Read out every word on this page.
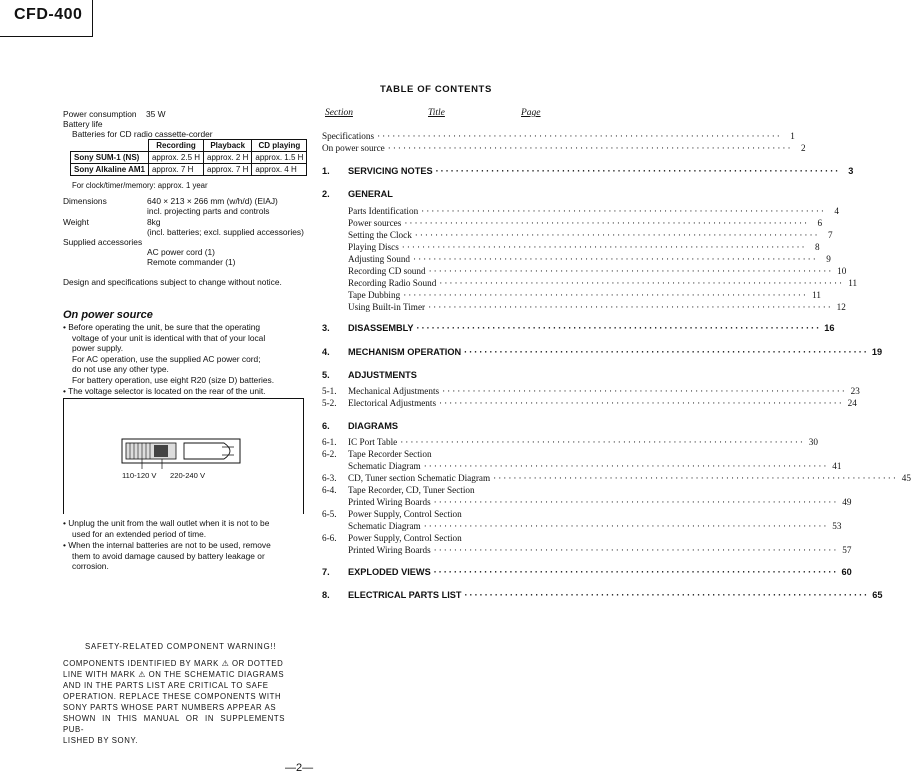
CFD-400
Power consumption 35 W
Battery life
Batteries for CD radio cassette-corder
	Recording	Playback	CD playing
Sony SUM-1 (NS)	approx. 2.5 H	approx. 2 H	approx. 1.5 H
Sony Alkaline AM1	approx. 7 H	approx. 7 H	approx. 4 H
For clock/timer/memory: approx. 1 year
Dimensions	640 × 213 × 266 mm (w/h/d) (EIAJ)
incl. projecting parts and controls
Weight	8kg
(incl. batteries; excl. supplied accessories)
Supplied accessories
AC power cord (1)
Remote commander (1)
Design and specifications subject to change without notice.
On power source
• Before operating the unit, be sure that the operating
voltage of your unit is identical with that of your local
power supply.
For AC operation, use the supplied AC power cord;
do not use any other type.
For battery operation, use eight R20 (size D) batteries.
• The voltage selector is located on the rear of the unit.
110-120 V 220-240 V
• Unplug the unit from the wall outlet when it is not to be
used for an extended period of time.
• When the internal batteries are not to be used, remove
them to avoid damage caused by battery leakage or
corrosion.
SAFETY-RELATED COMPONENT WARNING!!
COMPONENTS IDENTIFIED BY MARK ⚠ OR DOTTED
LINE WITH MARK ⚠ ON THE SCHEMATIC DIAGRAMS
AND IN THE PARTS LIST ARE CRITICAL TO SAFE
OPERATION. REPLACE THESE COMPONENTS WITH
SONY PARTS WHOSE PART NUMBERS APPEAR AS
SHOWN IN THIS MANUAL OR IN SUPPLEMENTS PUB-
LISHED BY SONY.
TABLE OF CONTENTS
Section	Title	Page
Specifications ················································································ 1
On power source ················································································ 2
1.	SERVICING NOTES ················································································ 3
2.	GENERAL
Parts Identification ················································································ 4
Power sources ················································································ 6
Setting the Clock ················································································ 7
Playing Discs ················································································ 8
Adjusting Sound ················································································ 9
Recording CD sound ················································································ 10
Recording Radio Sound ················································································ 11
Tape Dubbing ················································································ 11
Using Built-in Timer ················································································ 12
3.	DISASSEMBLY ················································································ 16
4.	MECHANISM OPERATION ················································································ 19
5.	ADJUSTMENTS
5-1.	Mechanical Adjustments ················································································ 23
5-2.	Electorical Adjustments ················································································ 24
6.	DIAGRAMS
6-1.	IC Port Table ················································································ 30
6-2.	Tape Recorder Section
Schematic Diagram ················································································ 41
6-3.	CD, Tuner section Schematic Diagram ················································································ 45
6-4.	Tape Recorder, CD, Tuner Section
Printed Wiring Boards ················································································ 49
6-5.	Power Supply, Control Section
Schematic Diagram ················································································ 53
6-6.	Power Supply, Control Section
Printed Wiring Boards ················································································ 57
7.	EXPLODED VIEWS ················································································ 60
8.	ELECTRICAL PARTS LIST ················································································ 65
—2—
